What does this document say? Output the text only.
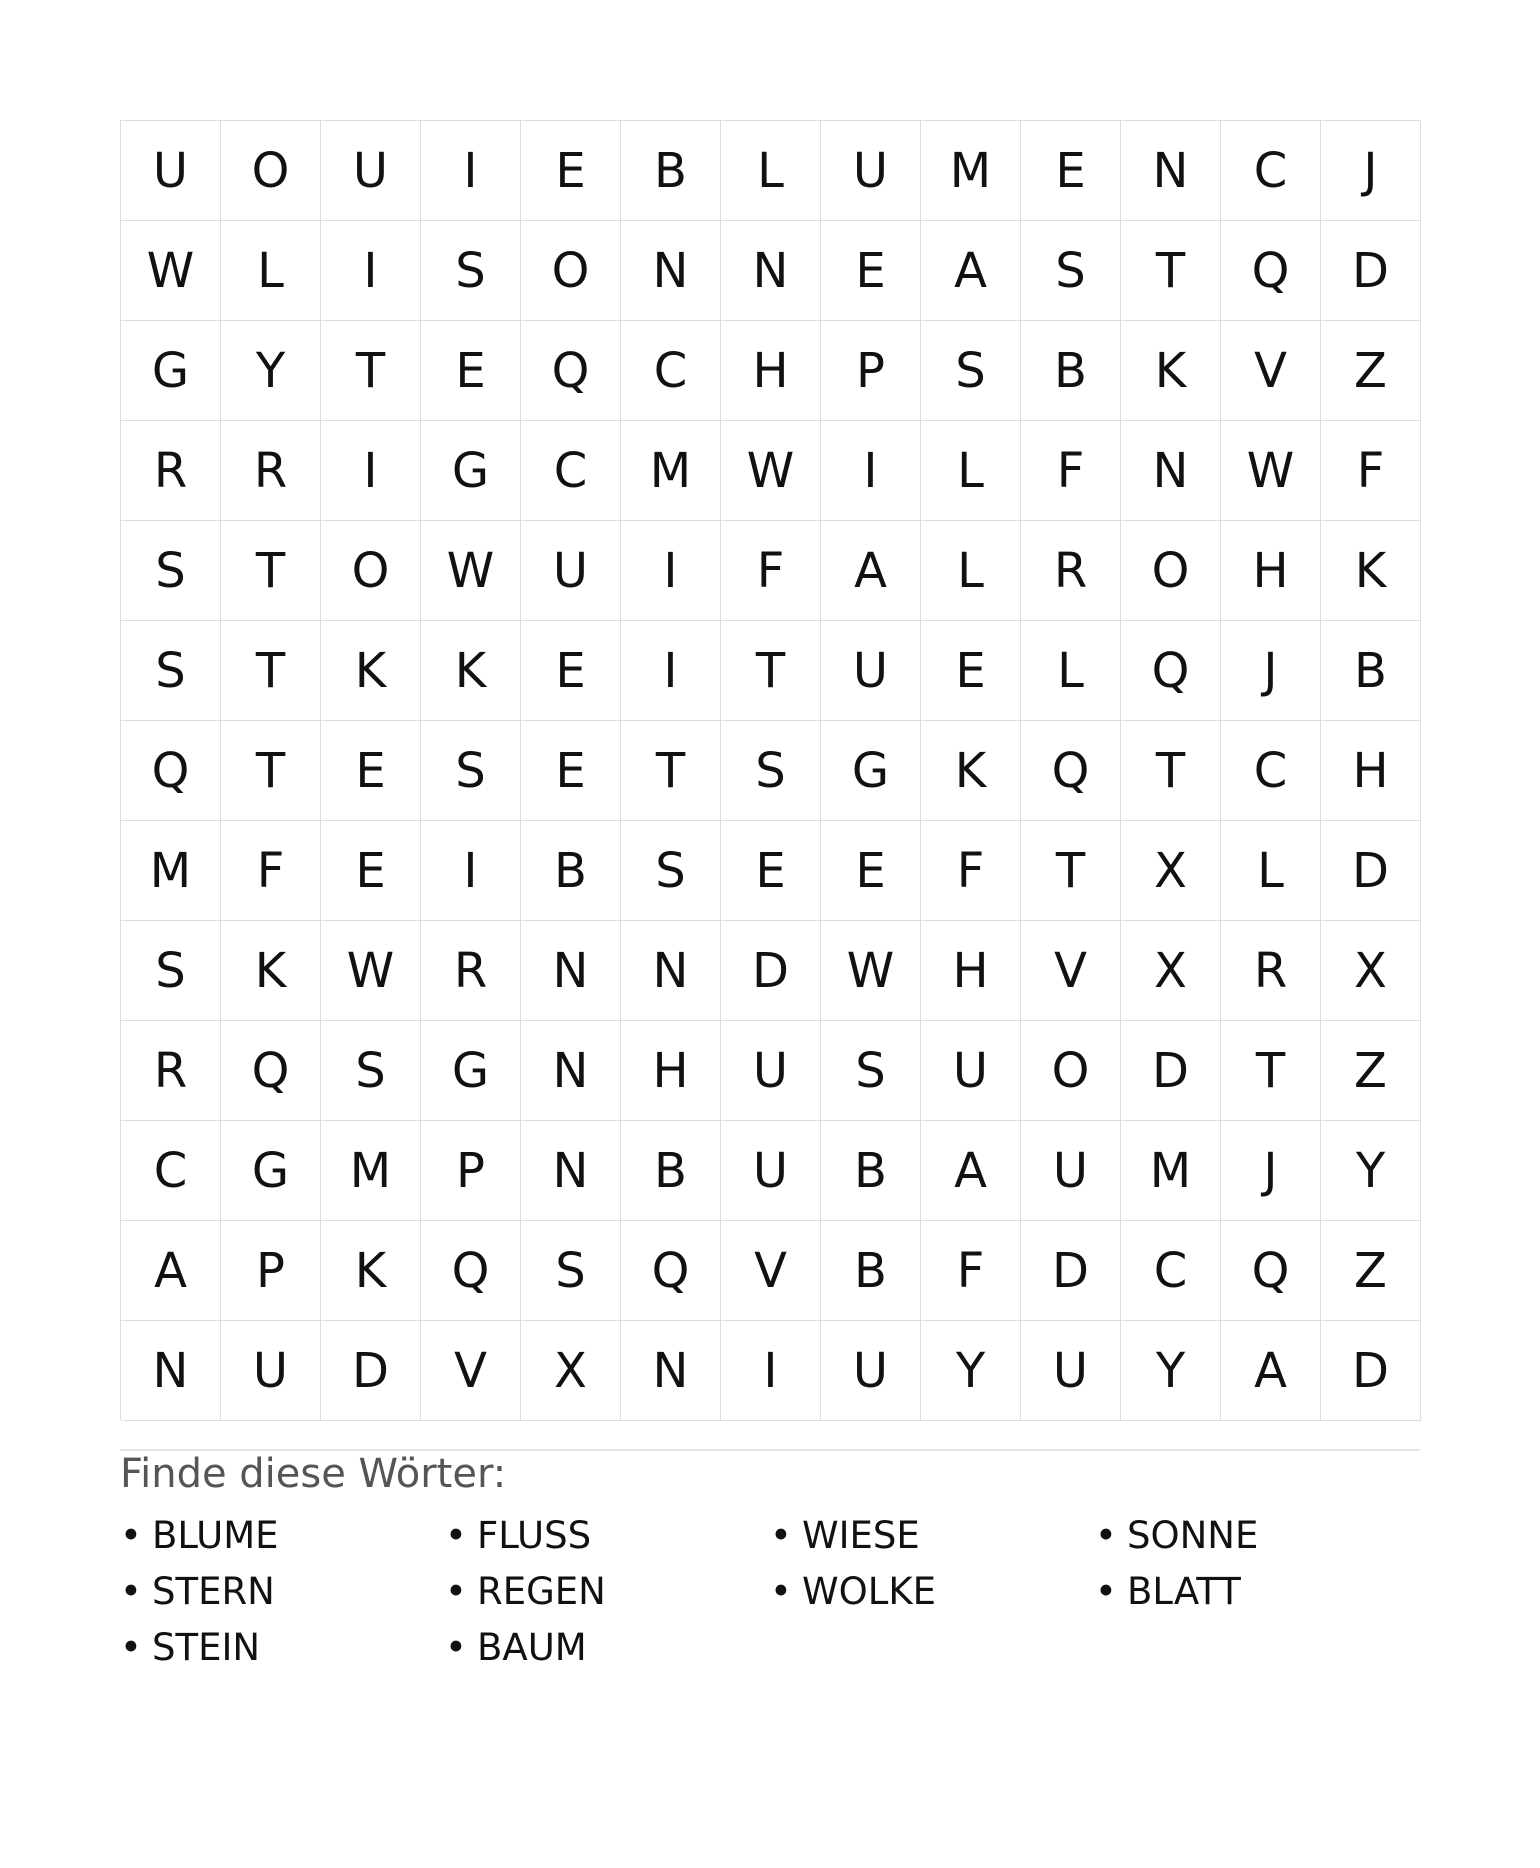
U	O	U	I	E	B	L	U	M	E	N	C	J
W	L	I	S	O	N	N	E	A	S	T	Q	D
G	Y	T	E	Q	C	H	P	S	B	K	V	Z
R	R	I	G	C	M	W	I	L	F	N	W	F
S	T	O	W	U	I	F	A	L	R	O	H	K
S	T	K	K	E	I	T	U	E	L	Q	J	B
Q	T	E	S	E	T	S	G	K	Q	T	C	H
M	F	E	I	B	S	E	E	F	T	X	L	D
S	K	W	R	N	N	D	W	H	V	X	R	X
R	Q	S	G	N	H	U	S	U	O	D	T	Z
C	G	M	P	N	B	U	B	A	U	M	J	Y
A	P	K	Q	S	Q	V	B	F	D	C	Q	Z
N	U	D	V	X	N	I	U	Y	U	Y	A	D
Finde diese Wörter:
• BLUME	• FLUSS	• WIESE	• SONNE
• STERN	• REGEN	• WOLKE	• BLATT
• STEIN	• BAUM
